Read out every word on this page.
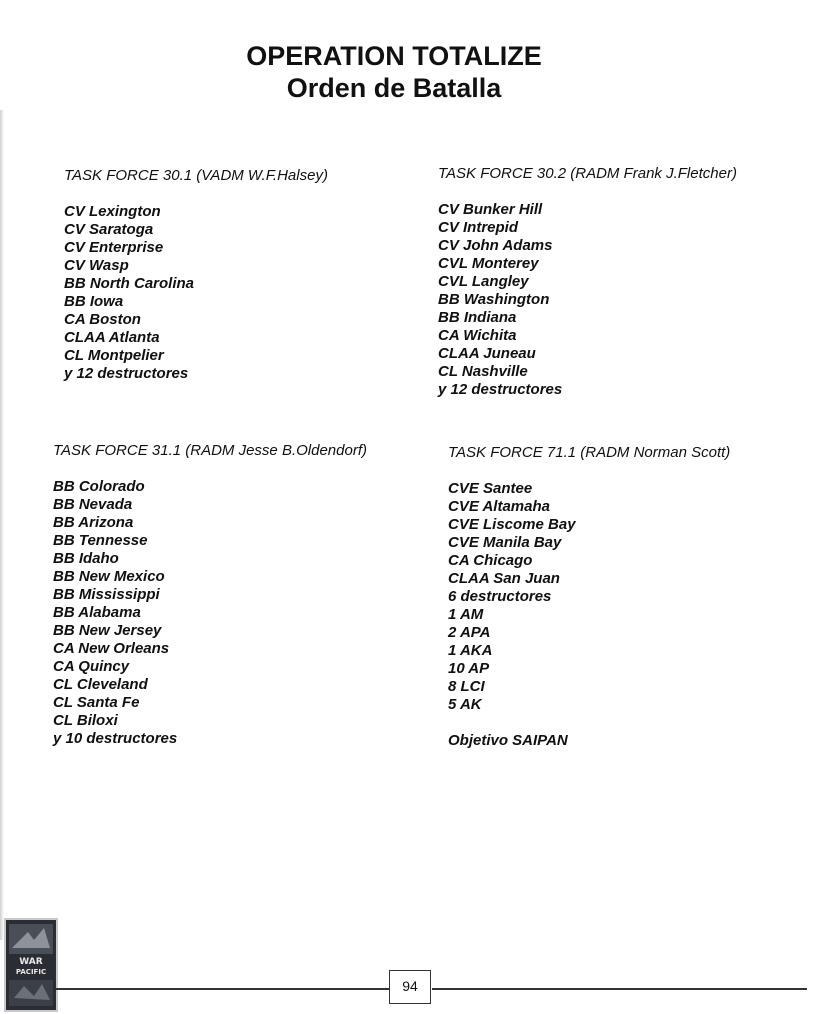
OPERATION TOTALIZE
Orden de Batalla
TASK FORCE 30.1 (VADM W.F.Halsey)
CV Lexington
CV Saratoga
CV Enterprise
CV Wasp
BB North Carolina
BB Iowa
CA Boston
CLAA Atlanta
CL Montpelier
y 12 destructores
TASK FORCE 30.2 (RADM Frank J.Fletcher)
CV Bunker Hill
CV Intrepid
CV John Adams
CVL Monterey
CVL Langley
BB Washington
BB Indiana
CA Wichita
CLAA Juneau
CL Nashville
y 12 destructores
TASK FORCE 31.1 (RADM Jesse B.Oldendorf)
BB Colorado
BB Nevada
BB Arizona
BB Tennesse
BB Idaho
BB New Mexico
BB Mississippi
BB Alabama
BB New Jersey
CA New Orleans
CA Quincy
CL Cleveland
CL Santa Fe
CL Biloxi
y 10 destructores
TASK FORCE 71.1 (RADM Norman Scott)
CVE Santee
CVE Altamaha
CVE Liscome Bay
CVE Manila Bay
CA Chicago
CLAA San Juan
6 destructores
1 AM
2 APA
1 AKA
10 AP
8 LCI
5 AK
Objetivo SAIPAN
WAR
PACIFIC
94
